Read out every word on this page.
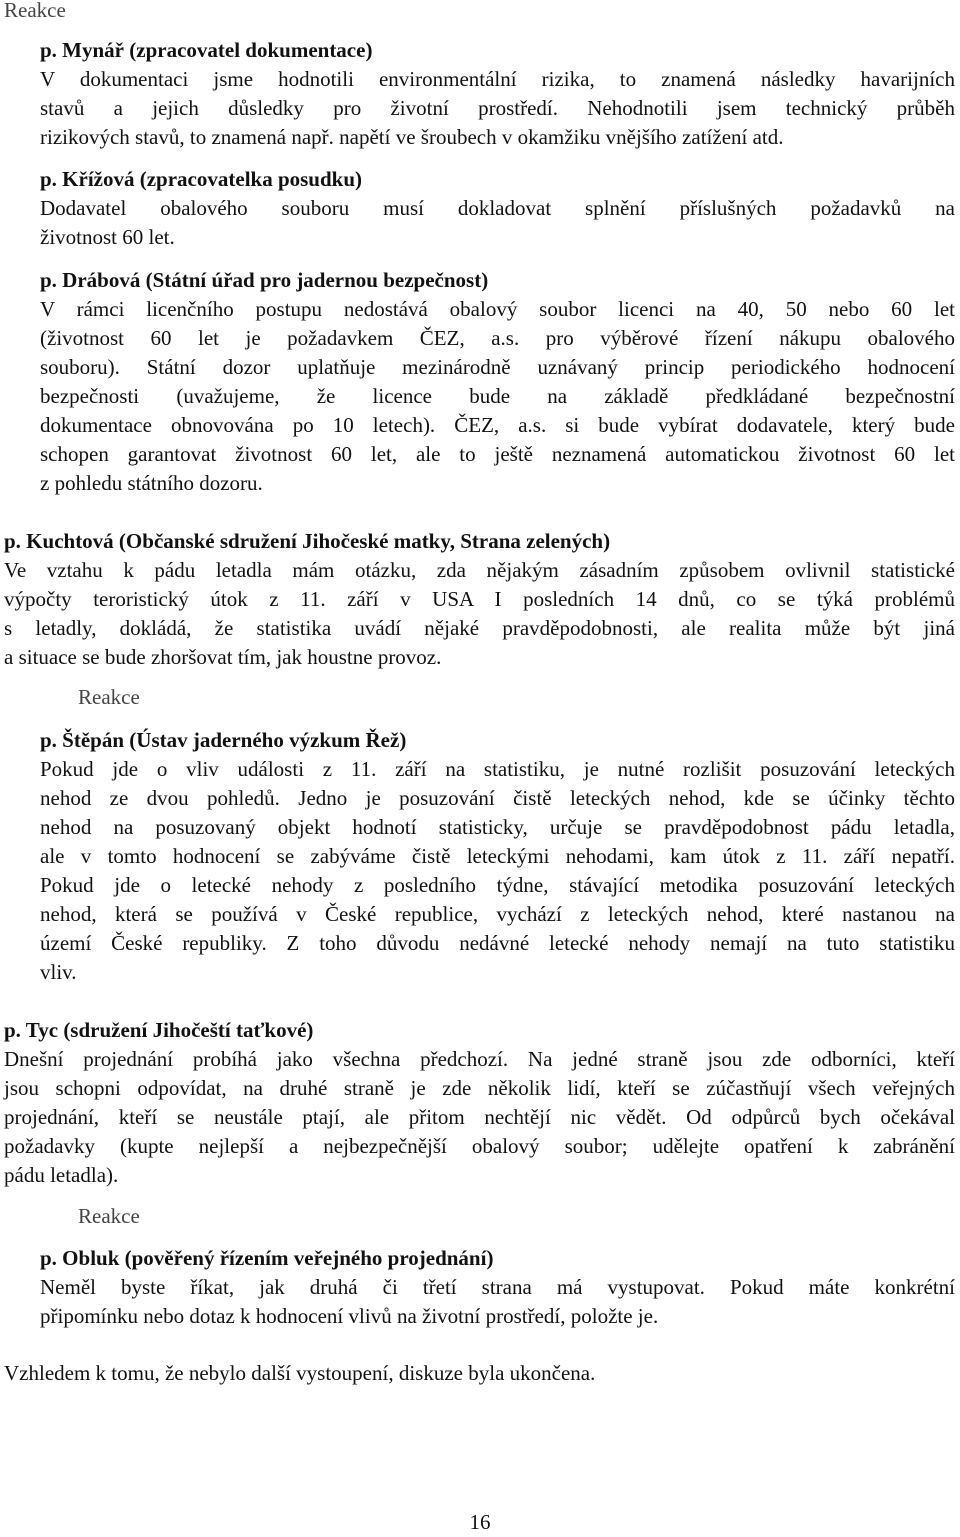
Reakce
p. Mynář (zpracovatel dokumentace)
V dokumentaci jsme hodnotili environmentální rizika, to znamená následky havarijních
stavů a jejich důsledky pro životní prostředí. Nehodnotili jsem technický průběh
rizikových stavů, to znamená např. napětí ve šroubech v okamžiku vnějšího zatížení atd.
p. Křížová (zpracovatelka posudku)
Dodavatel obalového souboru musí dokladovat splnění příslušných požadavků na
životnost 60 let.
p. Drábová (Státní úřad pro jadernou bezpečnost)
V rámci licenčního postupu nedostává obalový soubor licenci na 40, 50 nebo 60 let
(životnost 60 let je požadavkem ČEZ, a.s. pro výběrové řízení nákupu obalového
souboru). Státní dozor uplatňuje mezinárodně uznávaný princip periodického hodnocení
bezpečnosti (uvažujeme, že licence bude na základě předkládané bezpečnostní
dokumentace obnovována po 10 letech). ČEZ, a.s. si bude vybírat dodavatele, který bude
schopen garantovat životnost 60 let, ale to ještě neznamená automatickou životnost 60 let
z pohledu státního dozoru.
p. Kuchtová (Občanské sdružení Jihočeské matky, Strana zelených)
Ve vztahu k pádu letadla mám otázku, zda nějakým zásadním způsobem ovlivnil statistické
výpočty teroristický útok z 11. září v USA I posledních 14 dnů, co se týká problémů
s letadly, dokládá, že statistika uvádí nějaké pravděpodobnosti, ale realita může být jiná
a situace se bude zhoršovat tím, jak houstne provoz.
Reakce
p. Štěpán (Ústav jaderného výzkum Řež)
Pokud jde o vliv události z 11. září na statistiku, je nutné rozlišit posuzování leteckých
nehod ze dvou pohledů. Jedno je posuzování čistě leteckých nehod, kde se účinky těchto
nehod na posuzovaný objekt hodnotí statisticky, určuje se pravděpodobnost pádu letadla,
ale v tomto hodnocení se zabýváme čistě leteckými nehodami, kam útok z 11. září nepatří.
Pokud jde o letecké nehody z posledního týdne, stávající metodika posuzování leteckých
nehod, která se používá v České republice, vychází z leteckých nehod, které nastanou na
území České republiky. Z toho důvodu nedávné letecké nehody nemají na tuto statistiku
vliv.
p. Tyc (sdružení Jihočeští taťkové)
Dnešní projednání probíhá jako všechna předchozí. Na jedné straně jsou zde odborníci, kteří
jsou schopni odpovídat, na druhé straně je zde několik lidí, kteří se zúčastňují všech veřejných
projednání, kteří se neustále ptají, ale přitom nechtějí nic vědět. Od odpůrců bych očekával
požadavky (kupte nejlepší a nejbezpečnější obalový soubor; udělejte opatření k zabránění
pádu letadla).
Reakce
p. Obluk (pověřený řízením veřejného projednání)
Neměl byste říkat, jak druhá či třetí strana má vystupovat. Pokud máte konkrétní
připomínku nebo dotaz k hodnocení vlivů na životní prostředí, položte je.
Vzhledem k tomu, že nebylo další vystoupení, diskuze byla ukončena.
16
